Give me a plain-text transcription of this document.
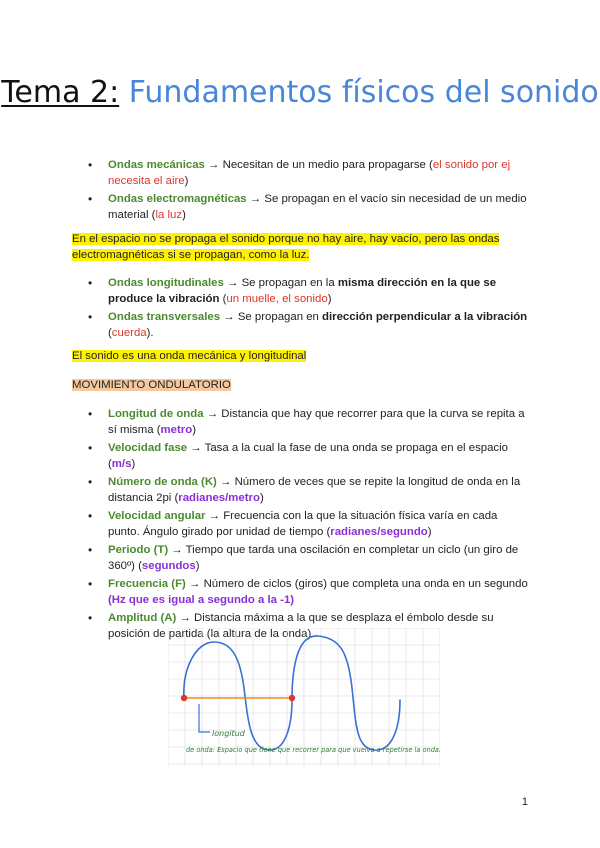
Tema 2: Fundamentos físicos del sonido
• Ondas mecánicas → Necesitan de un medio para propagarse (el sonido por ej necesita el aire)
• Ondas electromagnéticas → Se propagan en el vacío sin necesidad de un medio material (la luz)
En el espacio no se propaga el sonido porque no hay aire, hay vacío, pero las ondas electromagnéticas si se propagan, como la luz.
• Ondas longitudinales → Se propagan en la misma dirección en la que se produce la vibración (un muelle, el sonido)
• Ondas transversales → Se propagan en dirección perpendicular a la vibración (cuerda).
El sonido es una onda mecánica y longitudinal
MOVIMIENTO ONDULATORIO
• Longitud de onda → Distancia que hay que recorrer para que la curva se repita a sí misma (metro)
• Velocidad fase → Tasa a la cual la fase de una onda se propaga en el espacio (m/s)
• Número de onda (K) → Número de veces que se repite la longitud de onda en la distancia 2pi (radianes/metro)
• Velocidad angular → Frecuencia con la que la situación física varía en cada punto. Ángulo girado por unidad de tiempo (radianes/segundo)
• Periodo (T) → Tiempo que tarda una oscilación en completar un ciclo (un giro de 360º) (segundos)
• Frecuencia (F) → Número de ciclos (giros) que completa una onda en un segundo (Hz que es igual a segundo a la -1)
• Amplitud (A) → Distancia máxima a la que se desplaza el émbolo desde su posición de partida (la altura de la onda)
longitud
de onda: Espacio que tiene que recorrer para que vuelva a repetirse la onda.
1
